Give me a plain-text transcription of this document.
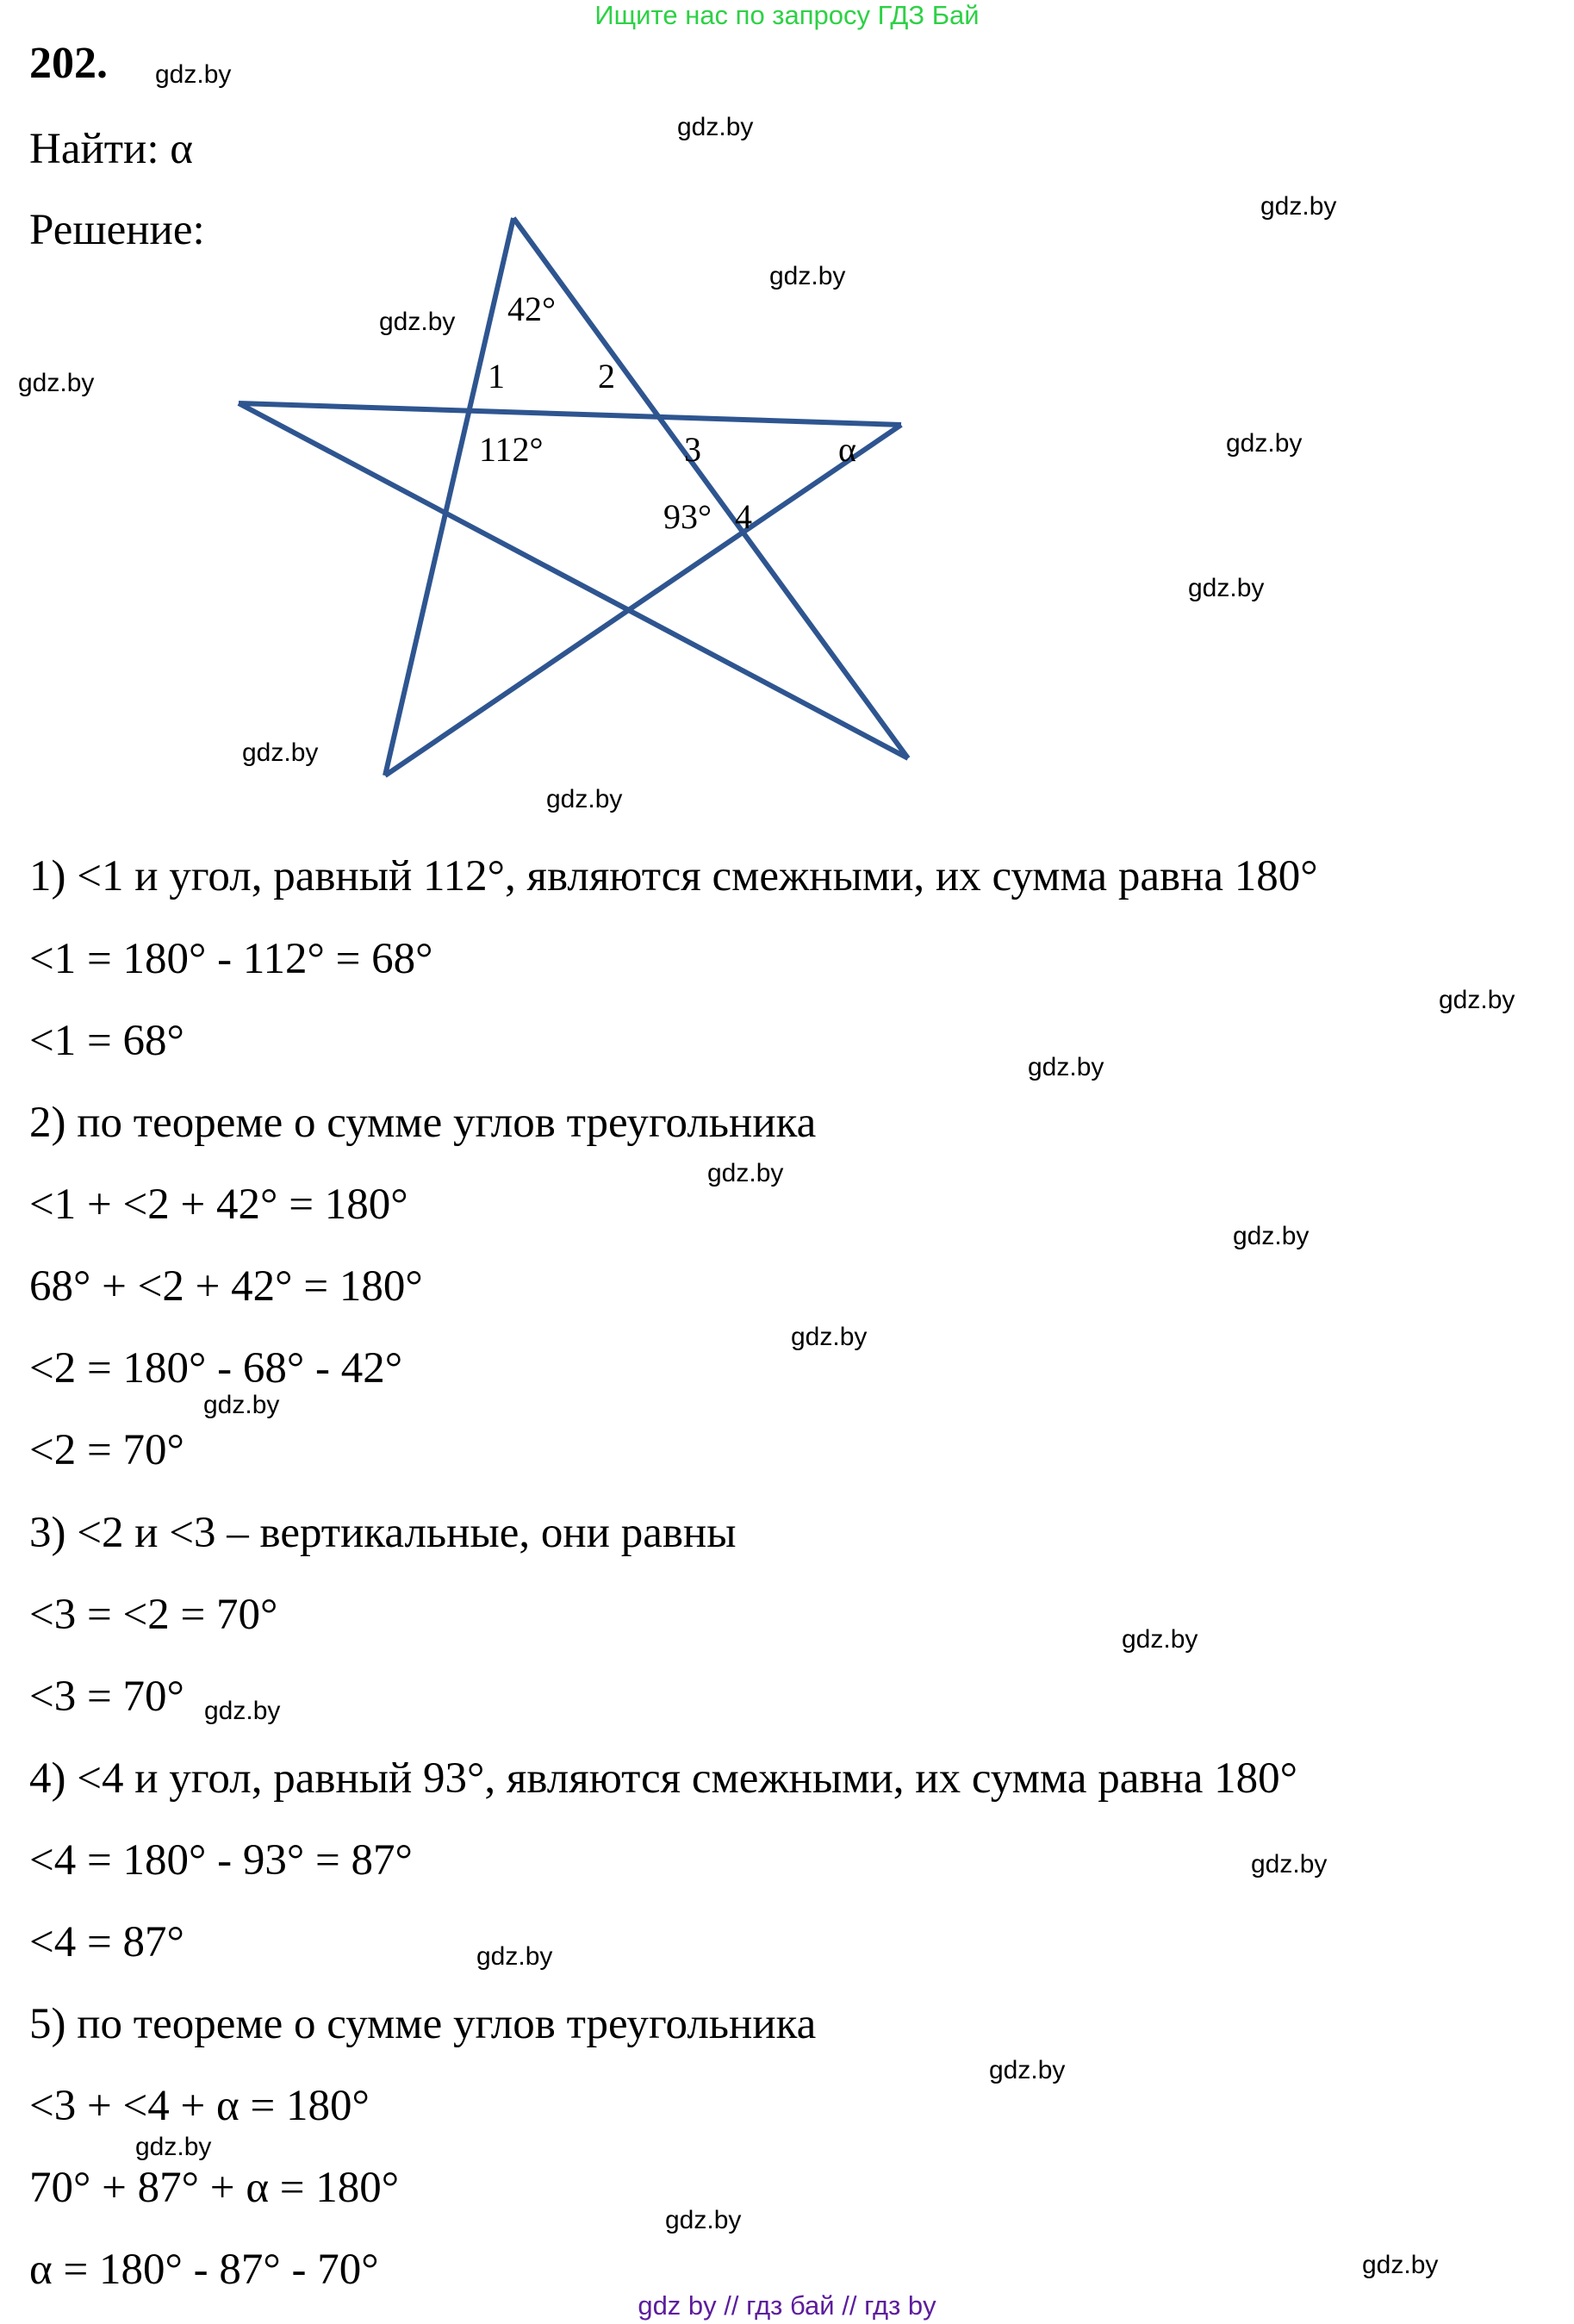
Ищите нас по запросу ГДЗ Бай
202.
Найти: α
Решение:
42°
1	2
112°	3	α
93° 4
1) <1 и угол, равный 112°, являются смежными, их сумма равна 180°
<1 = 180° - 112° = 68°
<1 = 68°
2) по теореме о сумме углов треугольника
<1 + <2 + 42° = 180°
68° + <2 + 42° = 180°
<2 = 180° - 68° - 42°
<2 = 70°
3) <2 и <3 – вертикальные, они равны
<3 = <2 = 70°
<3 = 70°
4) <4 и угол, равный 93°, являются смежными, их сумма равна 180°
<4 = 180° - 93° = 87°
<4 = 87°
5) по теореме о сумме углов треугольника
<3 + <4 + α = 180°
70° + 87° + α = 180°
α = 180° - 87° - 70°
gdz.by
gdz.by
gdz.by
gdz.by
gdz.by
gdz.by
gdz.by
gdz.by
gdz.by
gdz.by
gdz.by
gdz.by
gdz.by
gdz.by
gdz.by
gdz.by
gdz.by
gdz.by
gdz.by
gdz.by
gdz.by
gdz.by
gdz.by
gdz.by
gdz by // гдз бай // гдз by
